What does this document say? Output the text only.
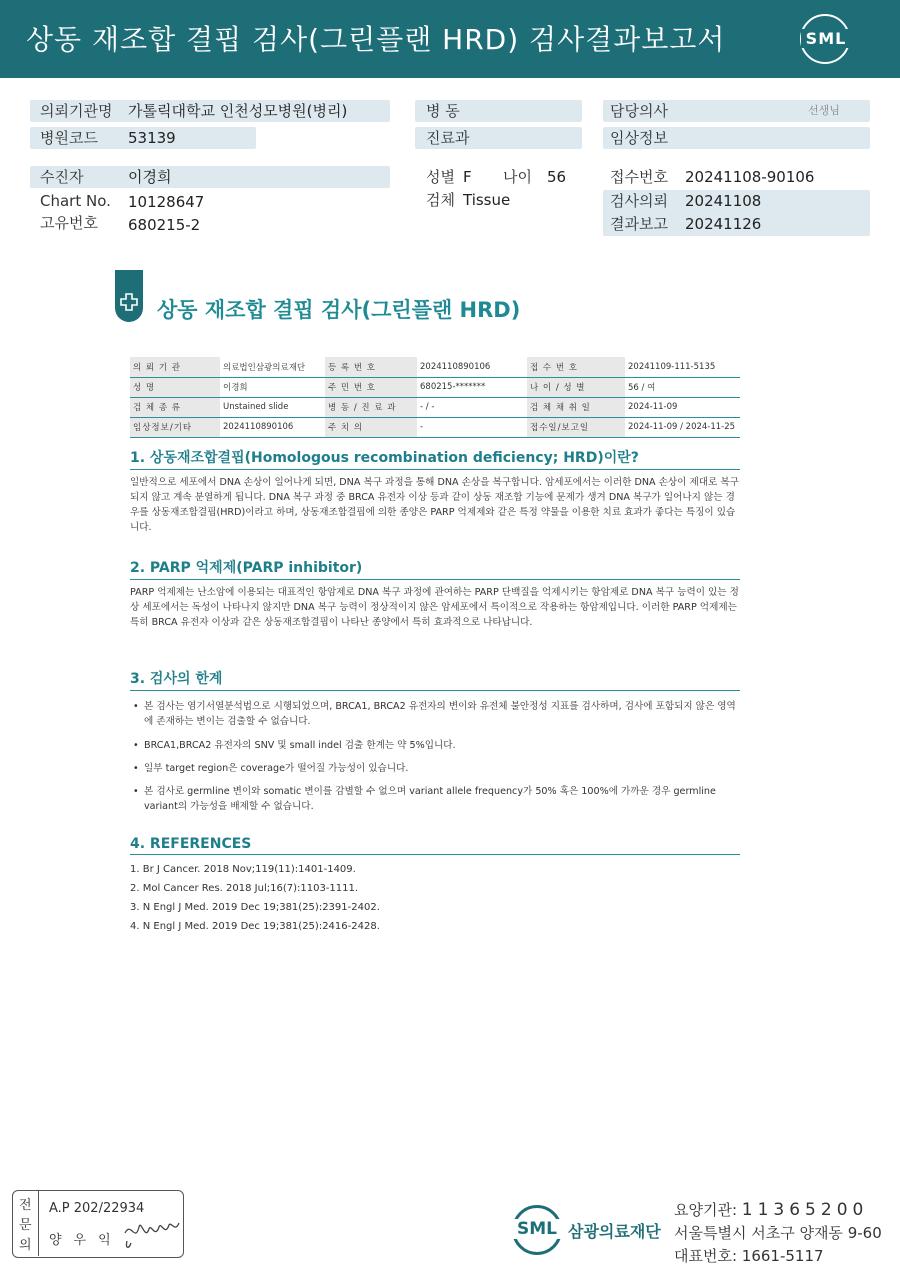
상동 재조합 결핍 검사(그린플랜 HRD) 검사결과보고서	SML
의뢰기관명 가톨릭대학교 인천성모병원(병리)
병원코드 53139
병 동
진료과
담당의사	선생님
임상정보
수진자	이경희
Chart No. 10128647
고유번호 680215-2
성별 F 나이 56
검체 Tissue
접수번호 20241108-90106
검사의뢰 20241108
결과보고 20241126
상동 재조합 결핍 검사(그린플랜 HRD)
의 뢰 기 관	의료법인삼광의료재단	등 록 번 호	2024110890106	접 수 번 호	20241109-111-5135
성 명	이경희	주 민 번 호	680215-*******	나 이 / 성 별	56 / 여
검 체 종 류	Unstained slide	병 동 / 진 료 과	- / -	검 체 채 취 일	2024-11-09
임상정보/기타	2024110890106	주 치 의	-	접수일/보고일	2024-11-09 / 2024-11-25
1. 상동재조합결핍(Homologous recombination deficiency; HRD)이란?
일반적으로 세포에서 DNA 손상이 일어나게 되면, DNA 복구 과정을 통해 DNA 손상을 복구합니다. 암세포에서는 이러한 DNA 손상이 제대로 복구되지 않고 계속 분열하게 됩니다. DNA 복구 과정 중 BRCA 유전자 이상 등과 같이 상동 재조합 기능에 문제가 생겨 DNA 복구가 일어나지 않는 경우를 상동재조합결핍(HRD)이라고 하며, 상동재조합결핍에 의한 종양은 PARP 억제제와 같은 특정 약물을 이용한 치료 효과가 좋다는 특징이 있습니다.
2. PARP 억제제(PARP inhibitor)
PARP 억제제는 난소암에 이용되는 대표적인 항암제로 DNA 복구 과정에 관여하는 PARP 단백질을 억제시키는 항암제로 DNA 복구 능력이 있는 정상 세포에서는 독성이 나타나지 않지만 DNA 복구 능력이 정상적이지 않은 암세포에서 특이적으로 작용하는 항암제입니다. 이러한 PARP 억제제는 특히 BRCA 유전자 이상과 같은 상동재조합결핍이 나타난 종양에서 특히 효과적으로 나타납니다.
3. 검사의 한계
• 본 검사는 염기서열분석법으로 시행되었으며, BRCA1, BRCA2 유전자의 변이와 유전체 불안정성 지표를 검사하며, 검사에 포함되지 않은 영역에 존재하는 변이는 검출할 수 없습니다.
• BRCA1,BRCA2 유전자의 SNV 및 small indel 검출 한계는 약 5%입니다.
• 일부 target region은 coverage가 떨어질 가능성이 있습니다.
• 본 검사로 germline 변이와 somatic 변이를 감별할 수 없으며 variant allele frequency가 50% 혹은 100%에 가까운 경우 germline variant의 가능성을 배제할 수 없습니다.
4. REFERENCES
1. Br J Cancer. 2018 Nov;119(11):1401-1409.
2. Mol Cancer Res. 2018 Jul;16(7):1103-1111.
3. N Engl J Med. 2019 Dec 19;381(25):2391-2402.
4. N Engl J Med. 2019 Dec 19;381(25):2416-2428.
전
문
의
A.P 202/22934
양우익
SML 삼광의료재단
요양기관: 11365200
서울특별시 서초구 양재동 9-60
대표번호: 1661-5117
